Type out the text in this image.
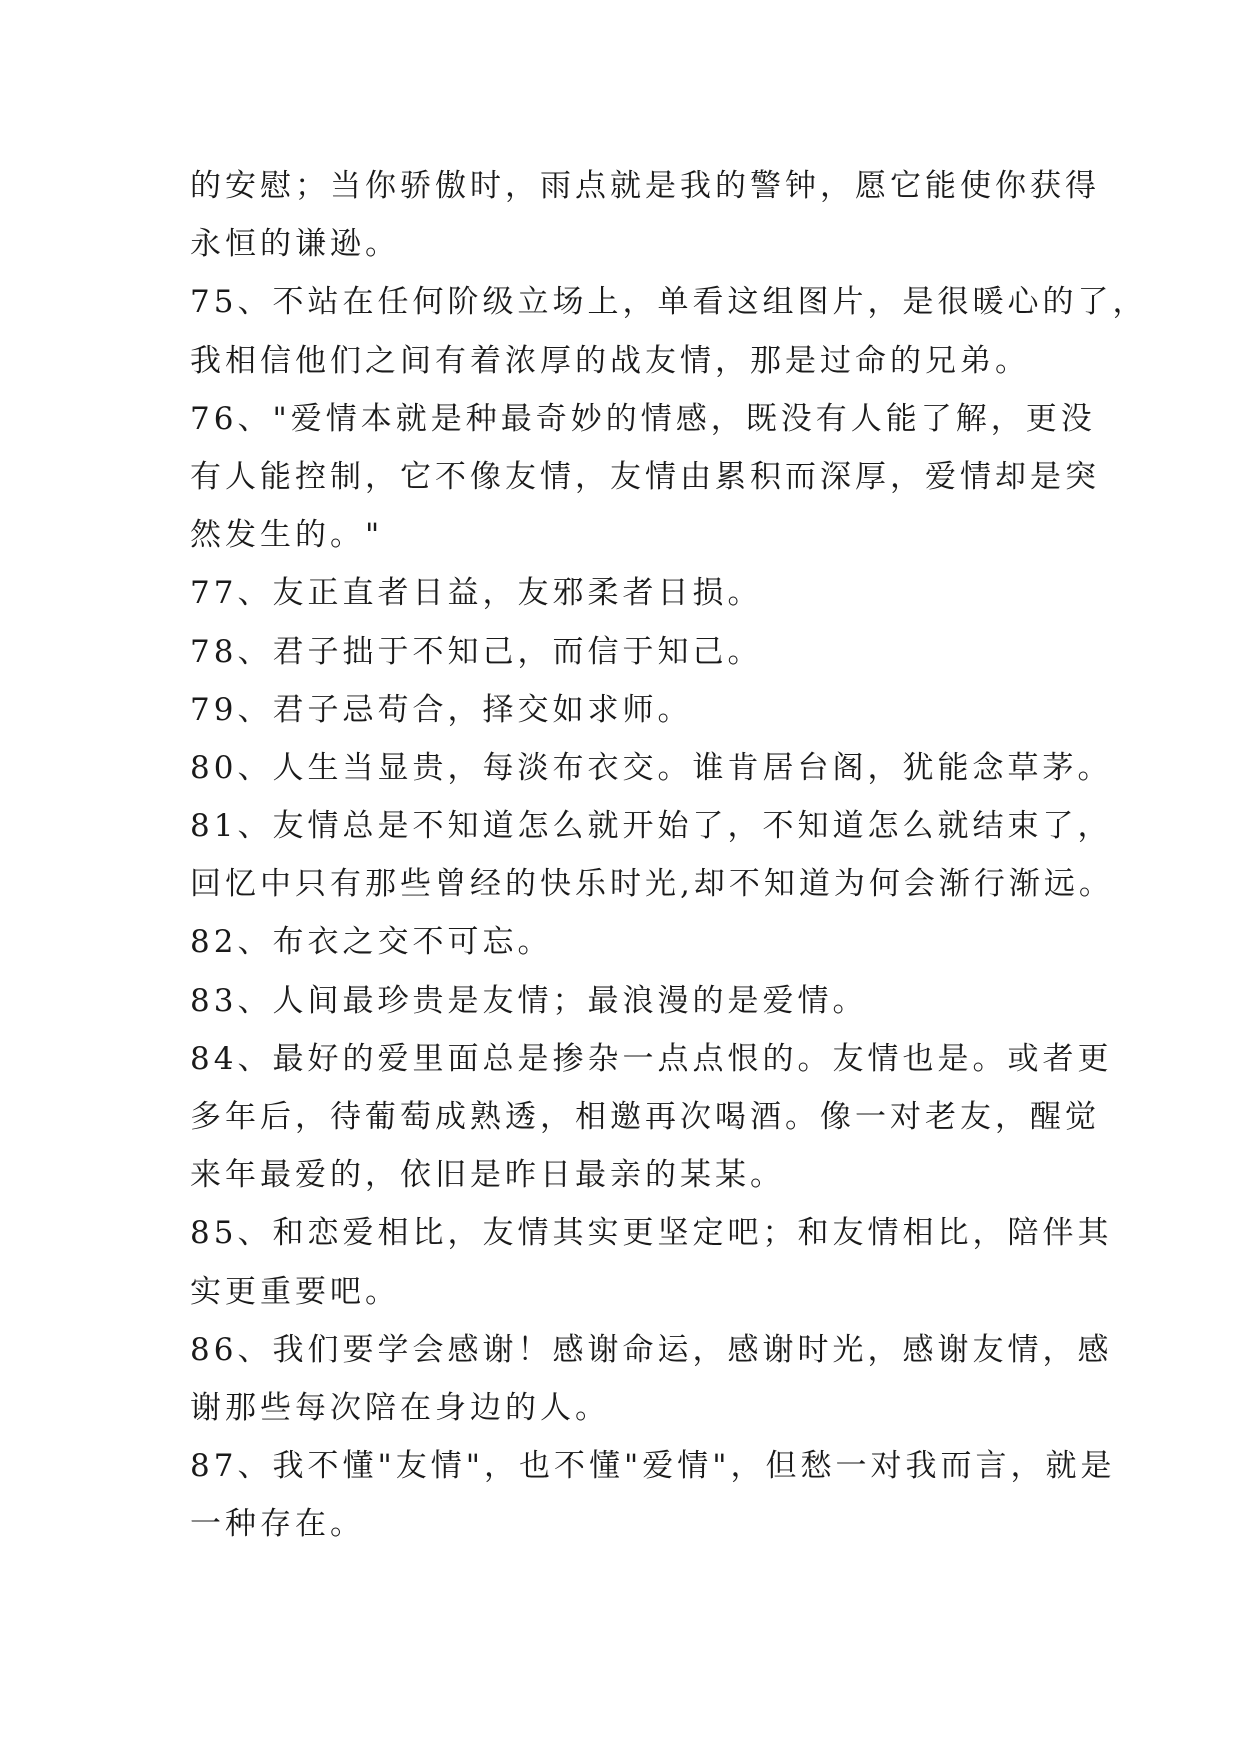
的安慰；当你骄傲时，雨点就是我的警钟，愿它能使你获得

永恒的谦逊。

75、不站在任何阶级立场上，单看这组图片，是很暖心的了，

我相信他们之间有着浓厚的战友情，那是过命的兄弟。

76、"爱情本就是种最奇妙的情感，既没有人能了解，更没

有人能控制，它不像友情，友情由累积而深厚，爱情却是突

然发生的。"

77、友正直者日益，友邪柔者日损。

78、君子拙于不知己，而信于知己。

79、君子忌苟合，择交如求师。

80、人生当显贵，每淡布衣交。谁肯居台阁，犹能念草茅。

81、友情总是不知道怎么就开始了，不知道怎么就结束了，

回忆中只有那些曾经的快乐时光,却不知道为何会渐行渐远。

82、布衣之交不可忘。

83、人间最珍贵是友情；最浪漫的是爱情。

84、最好的爱里面总是掺杂一点点恨的。友情也是。或者更

多年后，待葡萄成熟透，相邀再次喝酒。像一对老友，醒觉

来年最爱的，依旧是昨日最亲的某某。

85、和恋爱相比，友情其实更坚定吧；和友情相比，陪伴其

实更重要吧。

86、我们要学会感谢！感谢命运，感谢时光，感谢友情，感

谢那些每次陪在身边的人。

87、我不懂"友情"，也不懂"爱情"，但愁一对我而言，就是

一种存在。
